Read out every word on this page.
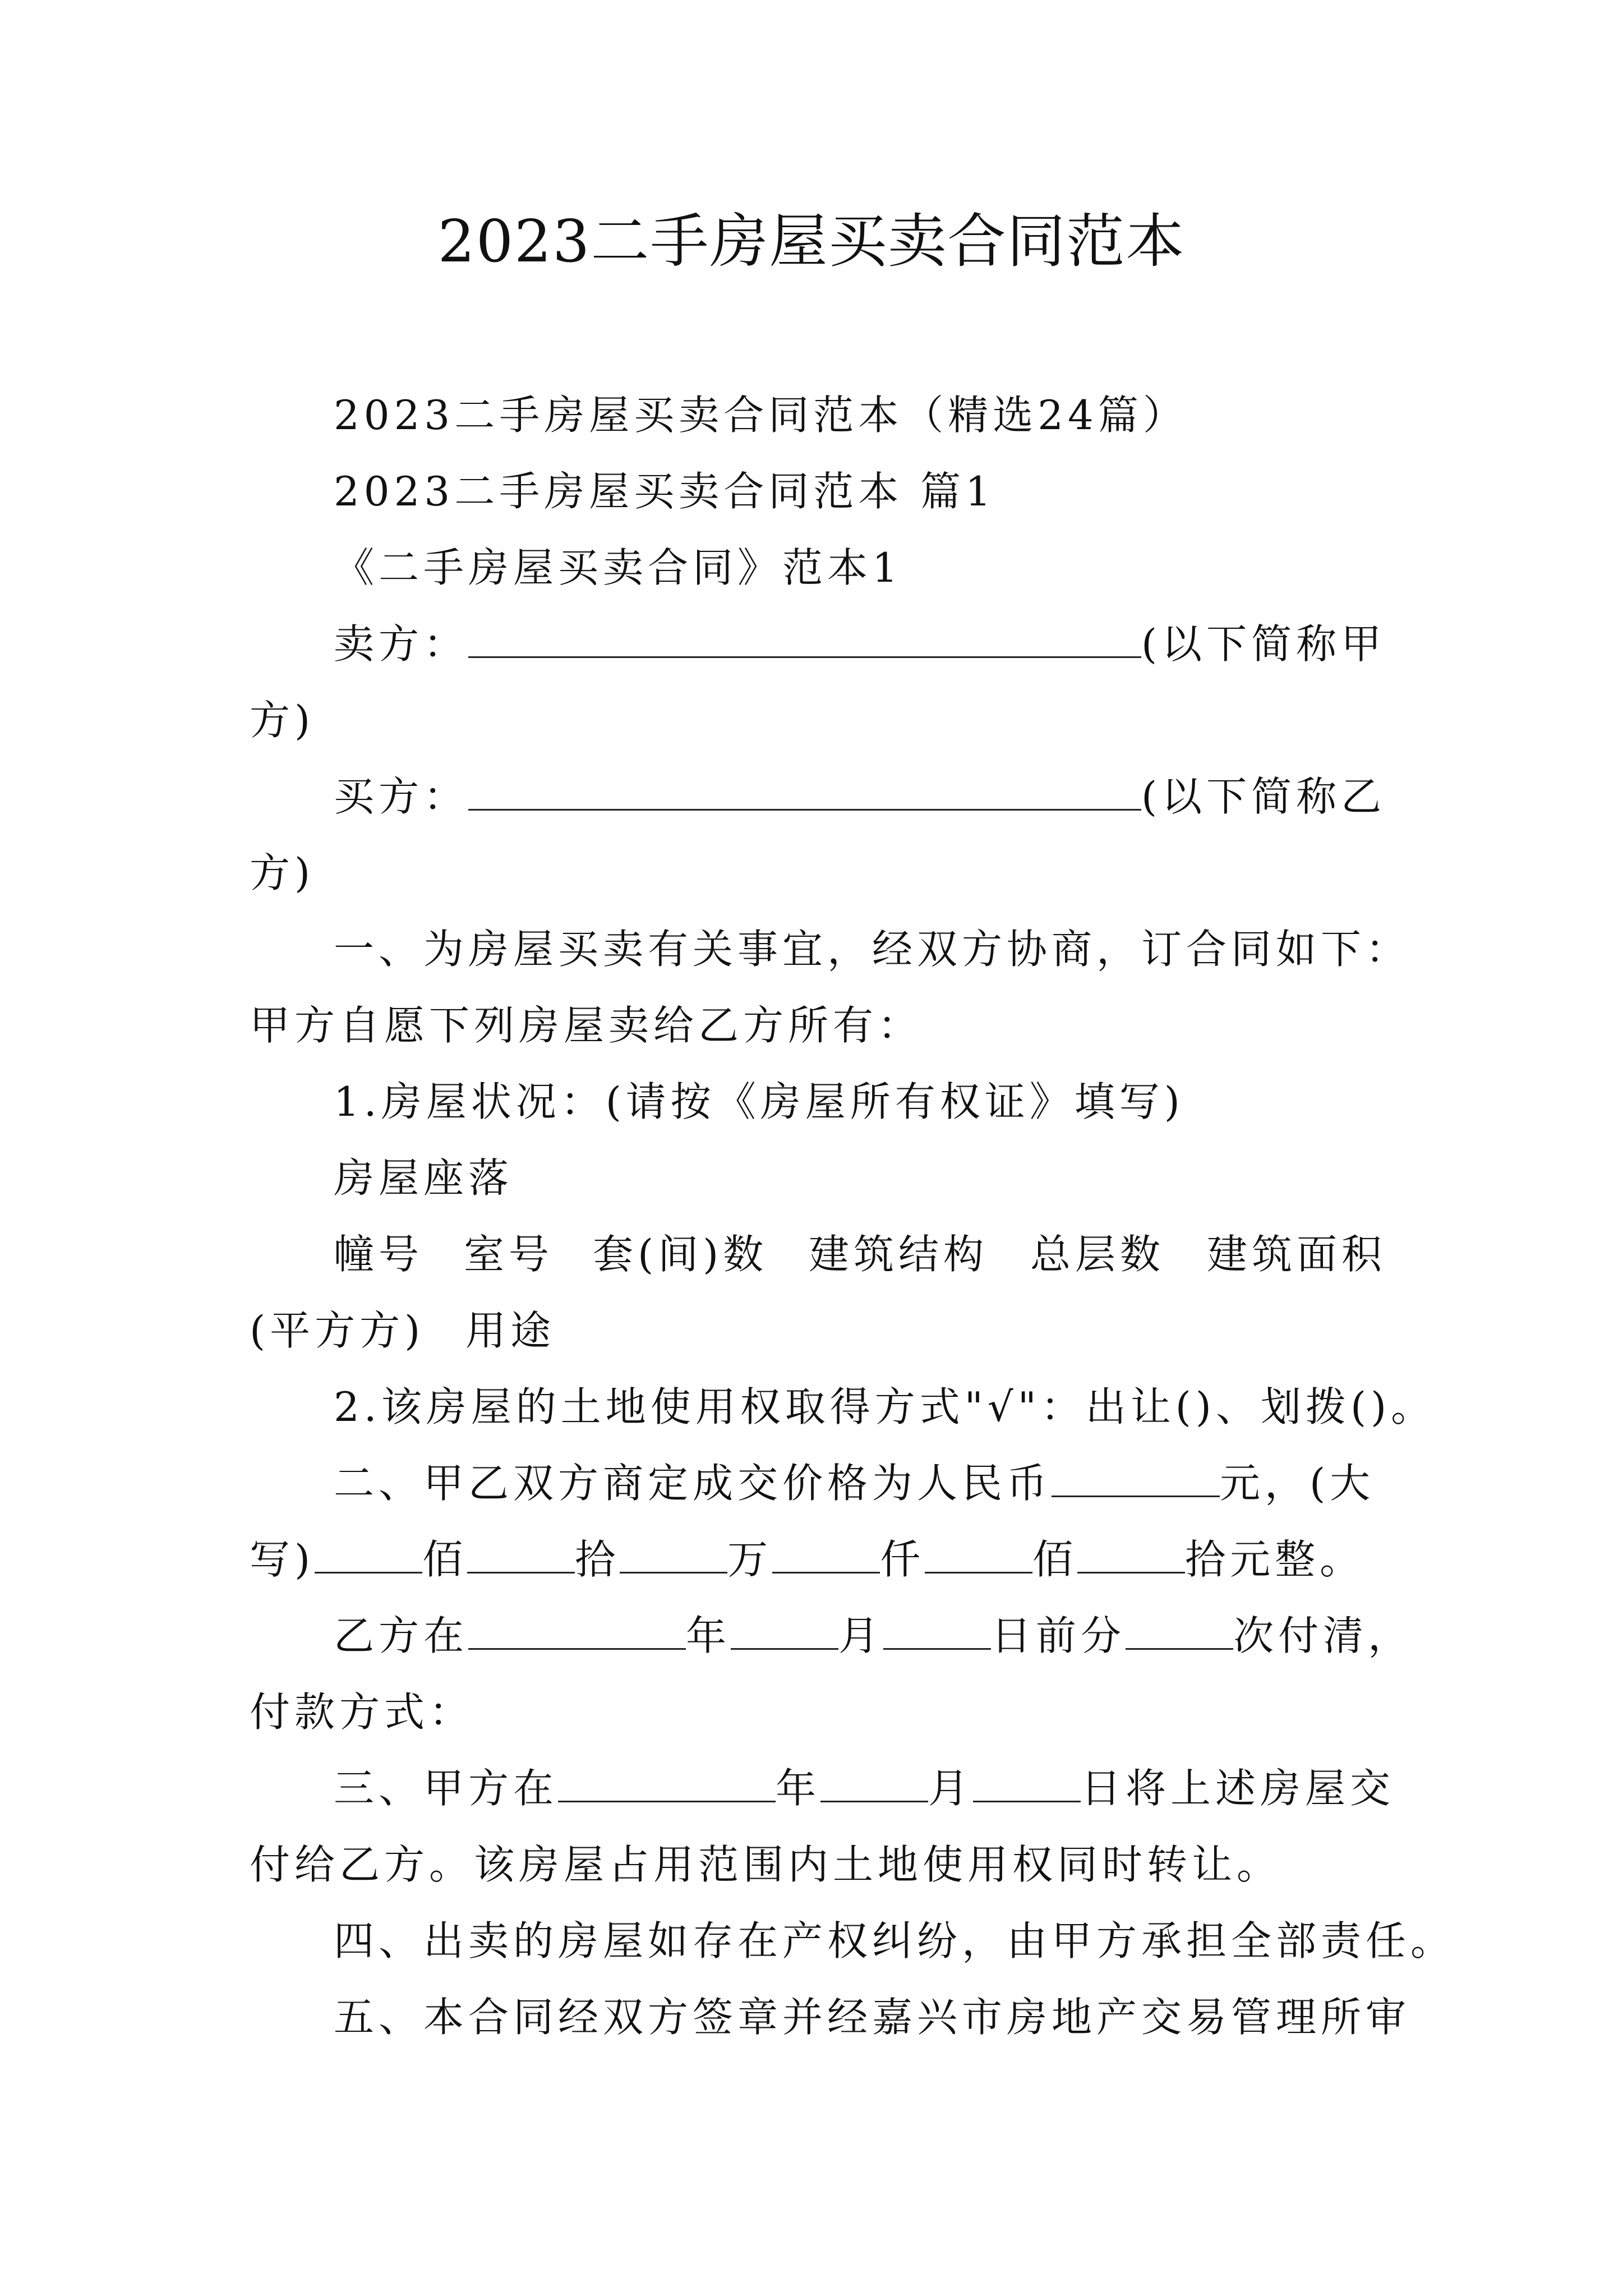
2023二手房屋买卖合同范本
2023二手房屋买卖合同范本（精选24篇）
2023二手房屋买卖合同范本 篇1
《二手房屋买卖合同》范本1
卖方：	(以下简称甲
方)
买方：	(以下简称乙
方)
一、为房屋买卖有关事宜，经双方协商，订合同如下：
甲方自愿下列房屋卖给乙方所有：
1.房屋状况：(请按《房屋所有权证》填写)
房屋座落
幢号 室号 套(间)数 建筑结构 总层数 建筑面积
(平方方) 用途
2.该房屋的土地使用权取得方式"√"：出让()、划拨()。
二、甲乙双方商定成交价格为人民币	元，(大
写)	佰	拾	万	仟	佰	拾元整。
乙方在	年	月	日前分	次付清，
付款方式：
三、甲方在	年	月	日将上述房屋交
付给乙方。该房屋占用范围内土地使用权同时转让。
四、出卖的房屋如存在产权纠纷，由甲方承担全部责任。
五、本合同经双方签章并经嘉兴市房地产交易管理所审
